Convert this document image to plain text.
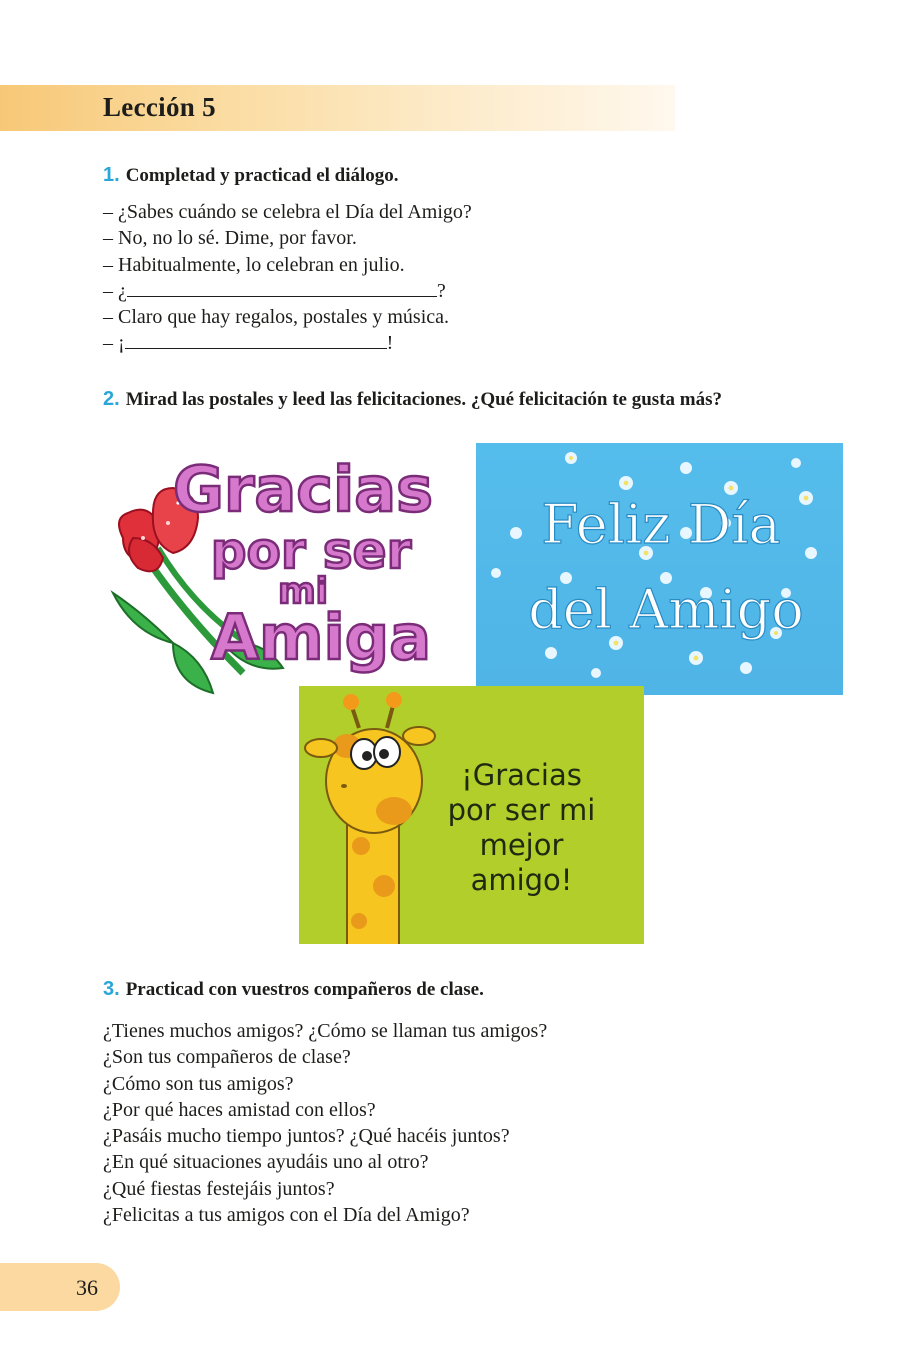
Lección 5
1. Completad y practicad el diálogo.
– ¿Sabes cuándo se celebra el Día del Amigo?
– No, no lo sé. Dime, por favor.
– Habitualmente, lo celebran en julio.
– ¿	?
– Claro que hay regalos, postales y música.
– ¡	!
2. Mirad las postales y leed las felicitaciones. ¿Qué felicitación te gusta más?
Gracias
por ser
mi
Amiga
Feliz Día
del Amigo
¡Gracias
por ser mi
mejor
amigo!
3. Practicad con vuestros compañeros de clase.
¿Tienes muchos amigos? ¿Cómo se llaman tus amigos?
¿Son tus compañeros de clase?
¿Cómo son tus amigos?
¿Por qué haces amistad con ellos?
¿Pasáis mucho tiempo juntos? ¿Qué hacéis juntos?
¿En qué situaciones ayudáis uno al otro?
¿Qué fiestas festejáis juntos?
¿Felicitas a tus amigos con el Día del Amigo?
36
